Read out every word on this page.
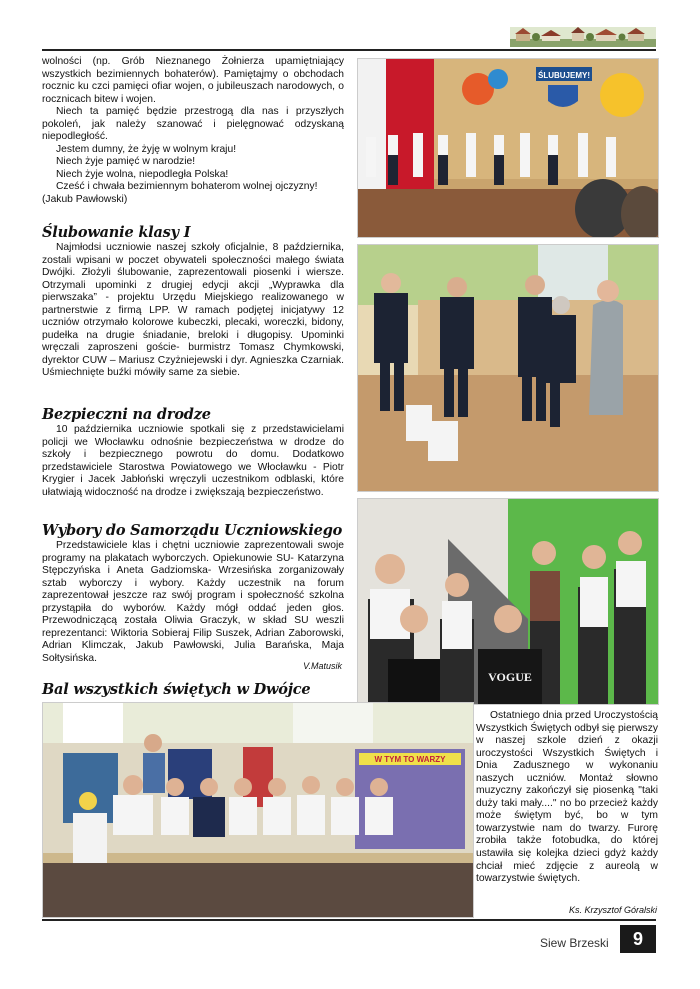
wolności (np. Grób Nieznanego Żołnierza upamiętniający wszystkich bezimiennych bohaterów). Pamiętajmy o obchodach rocznic ku czci pamięci ofiar wojen, o jubileuszach narodowych, o rocznicach bitew i wojen.

Niech ta pamięć będzie przestrogą dla nas i przyszłych pokoleń, jak należy szanować i pielęgnować odzyskaną niepodległość.

Jestem dumny, że żyję w wolnym kraju!

Niech żyje pamięć w narodzie!

Niech żyje wolna, niepodległa Polska!

Cześć i chwała bezimiennym bohaterom wolnej ojczyzny!

(Jakub Pawłowski)

Ślubowanie klasy I

Najmłodsi uczniowie naszej szkoły oficjalnie, 8 października, zostali wpisani w poczet obywateli społeczności małego świata Dwójki. Złożyli ślubowanie, zaprezentowali piosenki i wiersze. Otrzymali upominki z drugiej edycji akcji „Wyprawka dla pierwszaka” - projektu Urzędu Miejskiego realizowanego w partnerstwie z firmą LPP. W ramach podjętej inicjatywy 12 uczniów otrzymało kolorowe kubeczki, plecaki, woreczki, bidony, pudełka na drugie śniadanie, breloki i długopisy. Upominki wręczali zaproszeni goście- burmistrz Tomasz Chymkowski, dyrektor CUW – Mariusz Czyżniejewski i dyr. Agnieszka Czarniak. Uśmiechnięte buźki mówiły same za siebie.

Bezpieczni na drodze

10 października uczniowie spotkali się z przedstawicielami policji we Włocławku odnośnie bezpieczeństwa w drodze do szkoły i bezpiecznego powrotu do domu. Dodatkowo przedstawiciele Starostwa Powiatowego we Włocławku - Piotr Krygier i Jacek Jabłoński wręczyli uczestnikom odblaski, które ułatwiają widoczność na drodze i zwiększają bezpieczeństwo.

Wybory do Samorządu Uczniowskiego

Przedstawiciele klas i chętni uczniowie zaprezentowali swoje programy na plakatach wyborczych. Opiekunowie SU- Katarzyna Stępczyńska i Aneta Gadziomska- Wrzesińska zorganizowały sztab wyborczy i wybory. Każdy uczestnik na forum zaprezentował jeszcze raz swój program i społeczność szkolna przystąpiła do wyborów. Każdy mógł oddać jeden głos. Przewodniczącą została Oliwia Graczyk, w skład SU weszli reprezentanci: Wiktoria Sobieraj Filip Suszek, Adrian Zaborowski, Adrian Klimczak, Jakub Pawłowski, Julia Barańska, Maja Sołtysińska.

V.Matusik
Bal wszystkich świętych w Dwójce
ŚLUBUJEMY!
VOGUE
W TYM TO WARZY

Ostatniego dnia przed Uroczystością Wszystkich Świętych odbył się pierwszy w naszej szkole dzień z okazji uroczystości Wszystkich Świętych i Dnia Zadusznego w wykonaniu naszych uczniów. Montaż słowno muzyczny zakończył się piosenką "taki duży taki mały...." no bo przecież każdy może świętym być, bo w tym towarzystwie nam do twarzy. Furorę zrobiła także fotobudka, do której ustawiła się kolejka dzieci gdyż każdy chciał mieć zdjęcie z aureolą w towarzystwie świętych.

Ks. Krzysztof Góralski
Siew Brzeski	9
